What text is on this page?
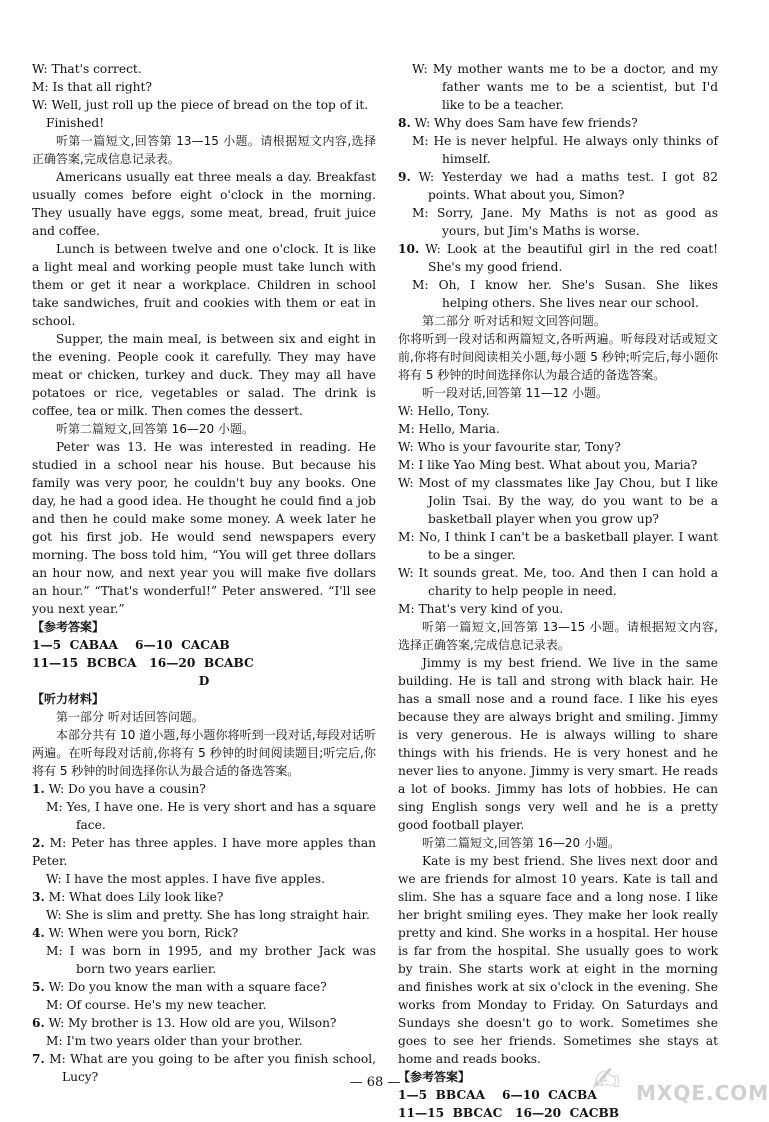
W: That's correct.

M: Is that all right?

W: Well, just roll up the piece of bread on the top of it.

Finished!

听第一篇短文,回答第 13—15 小题。请根据短文内容,选择正确答案,完成信息记录表。

Americans usually eat three meals a day. Breakfast usually comes before eight o'clock in the morning. They usually have eggs, some meat, bread, fruit juice and coffee.

Lunch is between twelve and one o'clock. It is like a light meal and working people must take lunch with them or get it near a workplace. Children in school take sandwiches, fruit and cookies with them or eat in school.

Supper, the main meal, is between six and eight in the evening. People cook it carefully. They may have meat or chicken, turkey and duck. They may all have potatoes or rice, vegetables or salad. The drink is coffee, tea or milk. Then comes the dessert.

听第二篇短文,回答第 16—20 小题。

Peter was 13. He was interested in reading. He studied in a school near his house. But because his family was very poor, he couldn't buy any books. One day, he had a good idea. He thought he could find a job and then he could make some money. A week later he got his first job. He would send newspapers every morning. The boss told him, “You will get three dollars an hour now, and next year you will make five dollars an hour.” “That's wonderful!” Peter answered. “I'll see you next year.”

【参考答案】

1—5  CABAA    6—10  CACAB

11—15  BCBCA   16—20  BCABC

D

【听力材料】

第一部分 听对话回答问题。

本部分共有 10 道小题,每小题你将听到一段对话,每段对话听两遍。在听每段对话前,你将有 5 秒钟的时间阅读题目;听完后,你将有 5 秒钟的时间选择你认为最合适的备选答案。

1. W: Do you have a cousin?

M: Yes, I have one. He is very short and has a square face.

2. M: Peter has three apples. I have more apples than Peter.

W: I have the most apples. I have five apples.

3. M: What does Lily look like?

W: She is slim and pretty. She has long straight hair.

4. W: When were you born, Rick?

M: I was born in 1995, and my brother Jack was born two years earlier.

5. W: Do you know the man with a square face?

M: Of course. He's my new teacher.

6. W: My brother is 13. How old are you, Wilson?

M: I'm two years older than your brother.

7. M: What are you going to be after you finish school, Lucy?

W: My mother wants me to be a doctor, and my father wants me to be a scientist, but I'd like to be a teacher.

8. W: Why does Sam have few friends?

M: He is never helpful. He always only thinks of himself.

9. W: Yesterday we had a maths test. I got 82 points. What about you, Simon?

M: Sorry, Jane. My Maths is not as good as yours, but Jim's Maths is worse.

10. W: Look at the beautiful girl in the red coat! She's my good friend.

M: Oh, I know her. She's Susan. She likes helping others. She lives near our school.

第二部分 听对话和短文回答问题。

你将听到一段对话和两篇短文,各听两遍。听每段对话或短文前,你将有时间阅读相关小题,每小题 5 秒钟;听完后,每小题你将有 5 秒钟的时间选择你认为最合适的备选答案。

听一段对话,回答第 11—12 小题。

W: Hello, Tony.

M: Hello, Maria.

W: Who is your favourite star, Tony?

M: I like Yao Ming best. What about you, Maria?

W: Most of my classmates like Jay Chou, but I like Jolin Tsai. By the way, do you want to be a basketball player when you grow up?

M: No, I think I can't be a basketball player. I want to be a singer.

W: It sounds great. Me, too. And then I can hold a charity to help people in need.

M: That's very kind of you.

听第一篇短文,回答第 13—15 小题。请根据短文内容,选择正确答案,完成信息记录表。

Jimmy is my best friend. We live in the same building. He is tall and strong with black hair. He has a small nose and a round face. I like his eyes because they are always bright and smiling. Jimmy is very generous. He is always willing to share things with his friends. He is very honest and he never lies to anyone. Jimmy is very smart. He reads a lot of books. Jimmy has lots of hobbies. He can sing English songs very well and he is a pretty good football player.

听第二篇短文,回答第 16—20 小题。

Kate is my best friend. She lives next door and we are friends for almost 10 years. Kate is tall and slim. She has a square face and a long nose. I like her bright smiling eyes. They make her look really pretty and kind. She works in a hospital. Her house is far from the hospital. She usually goes to work by train. She starts work at eight in the morning and finishes work at six o'clock in the evening. She works from Monday to Friday. On Saturdays and Sundays she doesn't go to work. Sometimes she goes to see her friends. Sometimes she stays at home and reads books.

【参考答案】

1—5  BBCAA    6—10  CACBA

11—15  BBCAC   16—20  CACBB

— 68 —	✍ MXQE.COM
